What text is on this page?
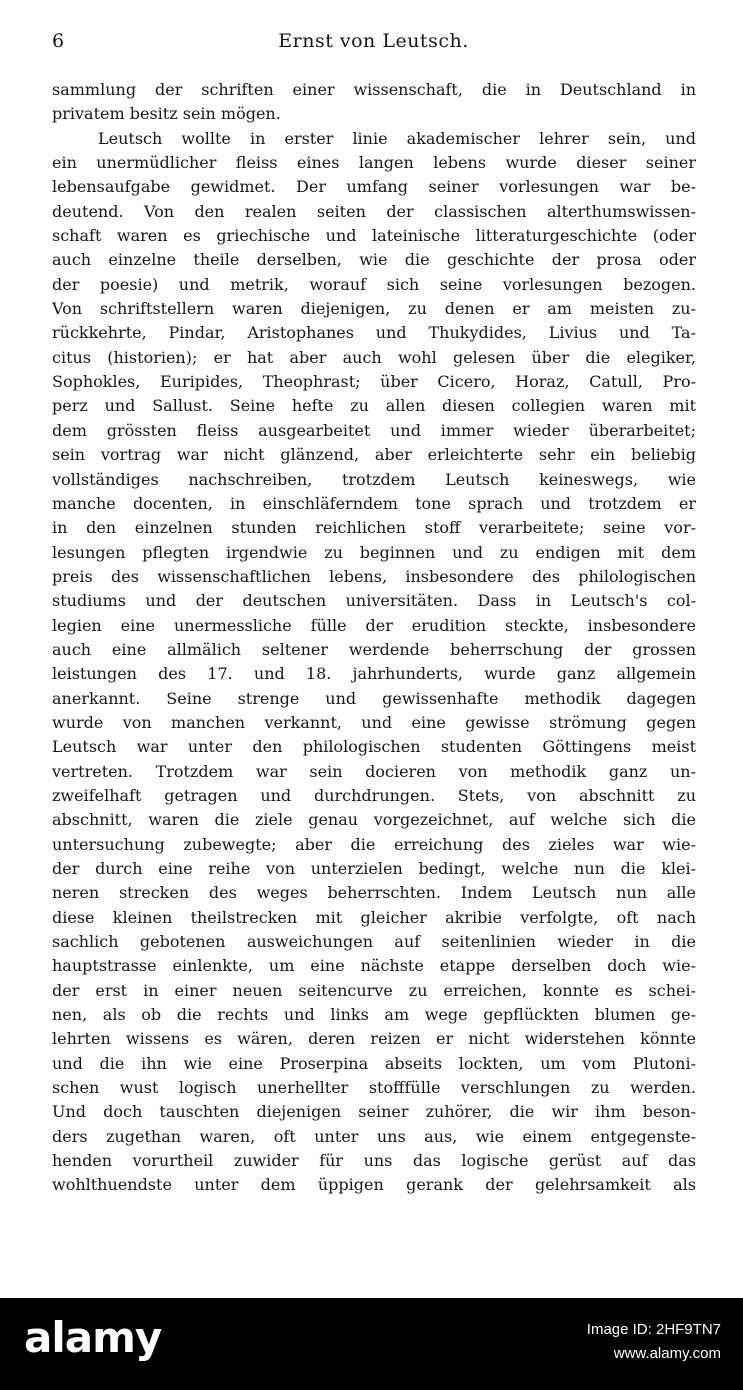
6	Ernst von Leutsch.
sammlung der schriften einer wissenschaft, die in Deutschland in
privatem besitz sein mögen.
Leutsch wollte in erster linie akademischer lehrer sein, und
ein unermüdlicher fleiss eines langen lebens wurde dieser seiner
lebensaufgabe gewidmet. Der umfang seiner vorlesungen war be-
deutend. Von den realen seiten der classischen alterthumswissen-
schaft waren es griechische und lateinische litteraturgeschichte (oder
auch einzelne theile derselben, wie die geschichte der prosa oder
der poesie) und metrik, worauf sich seine vorlesungen bezogen.
Von schriftstellern waren diejenigen, zu denen er am meisten zu-
rückkehrte, Pindar, Aristophanes und Thukydides, Livius und Ta-
citus (historien); er hat aber auch wohl gelesen über die elegiker,
Sophokles, Euripides, Theophrast; über Cicero, Horaz, Catull, Pro-
perz und Sallust. Seine hefte zu allen diesen collegien waren mit
dem grössten fleiss ausgearbeitet und immer wieder überarbeitet;
sein vortrag war nicht glänzend, aber erleichterte sehr ein beliebig
vollständiges nachschreiben, trotzdem Leutsch keineswegs, wie
manche docenten, in einschläferndem tone sprach und trotzdem er
in den einzelnen stunden reichlichen stoff verarbeitete; seine vor-
lesungen pflegten irgendwie zu beginnen und zu endigen mit dem
preis des wissenschaftlichen lebens, insbesondere des philologischen
studiums und der deutschen universitäten. Dass in Leutsch's col-
legien eine unermessliche fülle der erudition steckte, insbesondere
auch eine allmälich seltener werdende beherrschung der grossen
leistungen des 17. und 18. jahrhunderts, wurde ganz allgemein
anerkannt. Seine strenge und gewissenhafte methodik dagegen
wurde von manchen verkannt, und eine gewisse strömung gegen
Leutsch war unter den philologischen studenten Göttingens meist
vertreten. Trotzdem war sein docieren von methodik ganz un-
zweifelhaft getragen und durchdrungen. Stets, von abschnitt zu
abschnitt, waren die ziele genau vorgezeichnet, auf welche sich die
untersuchung zubewegte; aber die erreichung des zieles war wie-
der durch eine reihe von unterzielen bedingt, welche nun die klei-
neren strecken des weges beherrschten. Indem Leutsch nun alle
diese kleinen theilstrecken mit gleicher akribie verfolgte, oft nach
sachlich gebotenen ausweichungen auf seitenlinien wieder in die
hauptstrasse einlenkte, um eine nächste etappe derselben doch wie-
der erst in einer neuen seitencurve zu erreichen, konnte es schei-
nen, als ob die rechts und links am wege gepflückten blumen ge-
lehrten wissens es wären, deren reizen er nicht widerstehen könnte
und die ihn wie eine Proserpina abseits lockten, um vom Plutoni-
schen wust logisch unerhellter stofffülle verschlungen zu werden.
Und doch tauschten diejenigen seiner zuhörer, die wir ihm beson-
ders zugethan waren, oft unter uns aus, wie einem entgegenste-
henden vorurtheil zuwider für uns das logische gerüst auf das
wohlthuendste unter dem üppigen gerank der gelehrsamkeit als
alamy	Image ID: 2HF9TN7
www.alamy.com
